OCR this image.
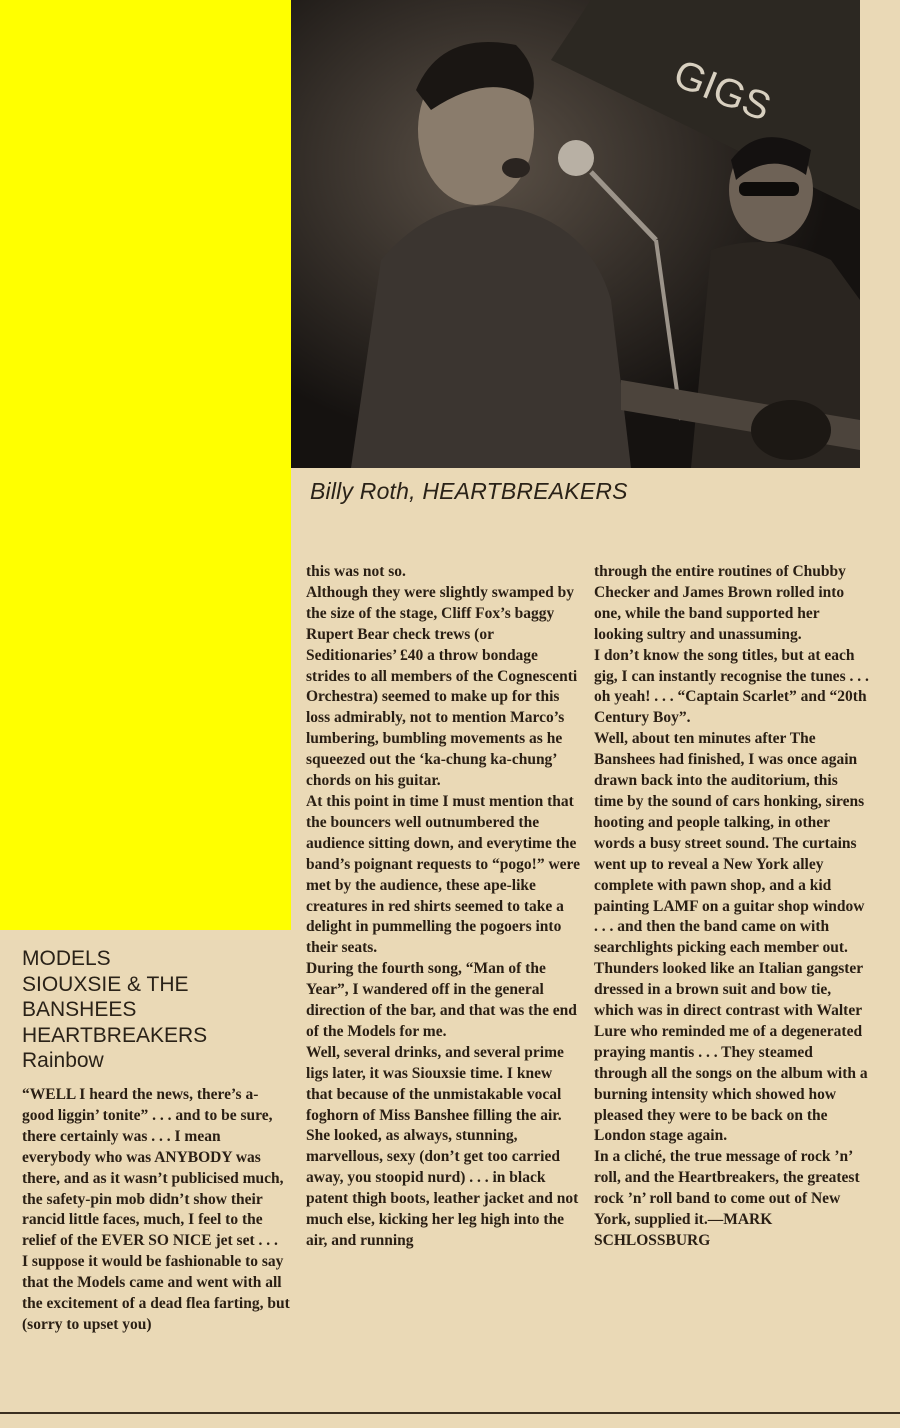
GIGS
Billy Roth, HEARTBREAKERS
MODELS
SIOUXSIE & THE
BANSHEES
HEARTBREAKERS
Rainbow

“WELL I heard the news, there’s a-good liggin’ tonite” . . . and to be sure, there certainly was . . . I mean everybody who was ANYBODY was there, and as it wasn’t publicised much, the safety-pin mob didn’t show their rancid little faces, much, I feel to the relief of the EVER SO NICE jet set . . .

I suppose it would be fashionable to say that the Models came and went with all the excitement of a dead flea farting, but (sorry to upset you)

this was not so.

Although they were slightly swamped by the size of the stage, Cliff Fox’s baggy Rupert Bear check trews (or Seditionaries’ £40 a throw bondage strides to all members of the Cognescenti Orchestra) seemed to make up for this loss admirably, not to mention Marco’s lumbering, bumbling movements as he squeezed out the ‘ka-chung ka-chung’ chords on his guitar.

At this point in time I must mention that the bouncers well outnumbered the audience sitting down, and everytime the band’s poignant requests to “pogo!” were met by the audience, these ape-like creatures in red shirts seemed to take a delight in pummelling the pogoers into their seats.

During the fourth song, “Man of the Year”, I wandered off in the general direction of the bar, and that was the end of the Models for me.

Well, several drinks, and several prime ligs later, it was Siouxsie time. I knew that because of the unmistakable vocal foghorn of Miss Banshee filling the air. She looked, as always, stunning, marvellous, sexy (don’t get too carried away, you stoopid nurd) . . . in black patent thigh boots, leather jacket and not much else, kicking her leg high into the air, and running

through the entire routines of Chubby Checker and James Brown rolled into one, while the band supported her looking sultry and unassuming.

I don’t know the song titles, but at each gig, I can instantly recognise the tunes . . . oh yeah! . . . “Captain Scarlet” and “20th Century Boy”.

Well, about ten minutes after The Banshees had finished, I was once again drawn back into the auditorium, this time by the sound of cars honking, sirens hooting and people talking, in other words a busy street sound. The curtains went up to reveal a New York alley complete with pawn shop, and a kid painting LAMF on a guitar shop window . . . and then the band came on with searchlights picking each member out.

Thunders looked like an Italian gangster dressed in a brown suit and bow tie, which was in direct contrast with Walter Lure who reminded me of a degenerated praying mantis . . . They steamed through all the songs on the album with a burning intensity which showed how pleased they were to be back on the London stage again.

In a cliché, the true message of rock ’n’ roll, and the Heartbreakers, the greatest rock ’n’ roll band to come out of New York, supplied it.—MARK SCHLOSSBURG
